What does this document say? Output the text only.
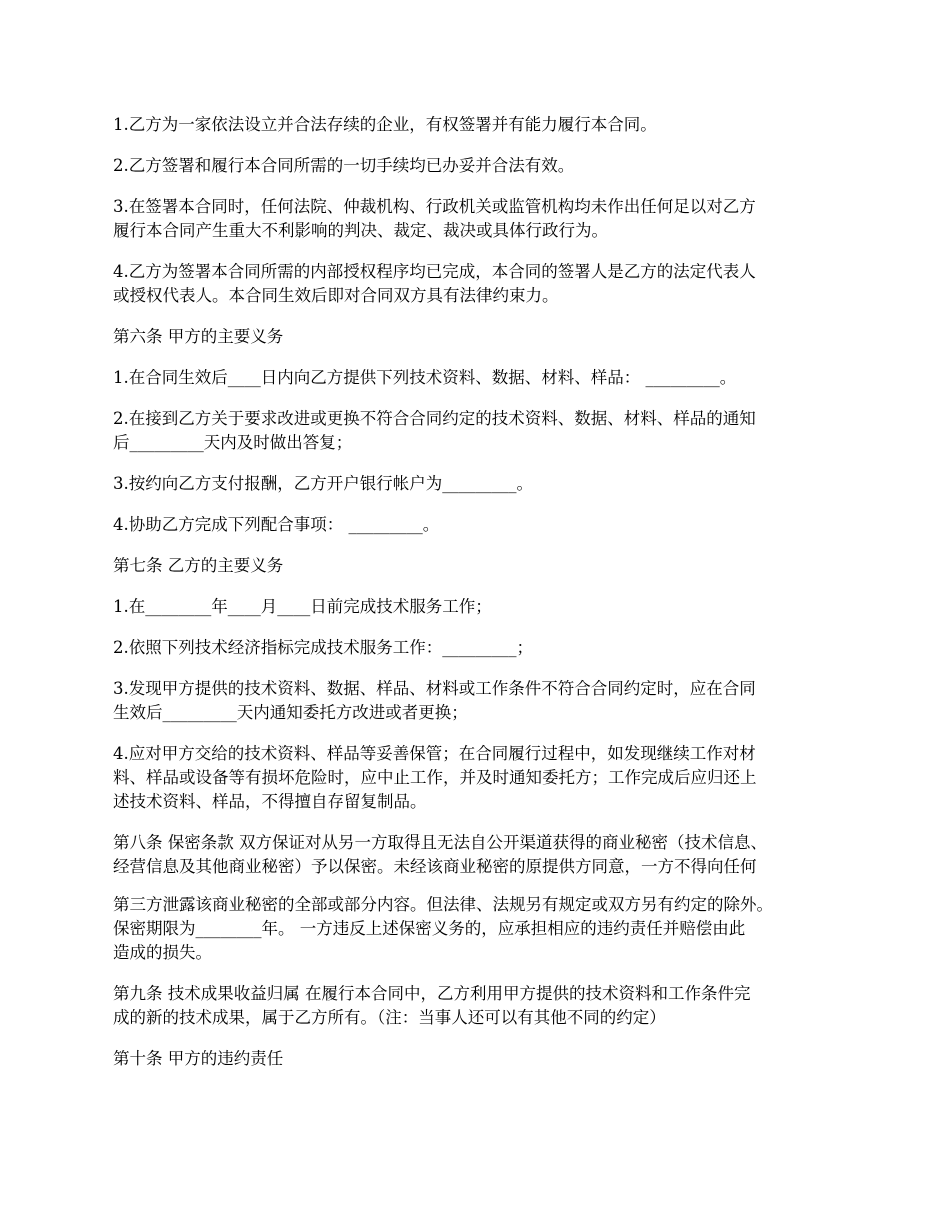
1.乙方为一家依法设立并合法存续的企业，有权签署并有能力履行本合同。

2.乙方签署和履行本合同所需的一切手续均已办妥并合法有效。

3.在签署本合同时，任何法院、仲裁机构、行政机关或监管机构均未作出任何足以对乙方
履行本合同产生重大不利影响的判决、裁定、裁决或具体行政行为。

4.乙方为签署本合同所需的内部授权程序均已完成，本合同的签署人是乙方的法定代表人
或授权代表人。本合同生效后即对合同双方具有法律约束力。

第六条 甲方的主要义务

1.在合同生效后____日内向乙方提供下列技术资料、数据、材料、样品： _________。

2.在接到乙方关于要求改进或更换不符合合同约定的技术资料、数据、材料、样品的通知
后_________天内及时做出答复；

3.按约向乙方支付报酬，乙方开户银行帐户为_________。

4.协助乙方完成下列配合事项： _________。

第七条 乙方的主要义务

1.在________年____月____日前完成技术服务工作；

2.依照下列技术经济指标完成技术服务工作：_________；

3.发现甲方提供的技术资料、数据、样品、材料或工作条件不符合合同约定时，应在合同
生效后_________天内通知委托方改进或者更换；

4.应对甲方交给的技术资料、样品等妥善保管；在合同履行过程中，如发现继续工作对材
料、样品或设备等有损坏危险时，应中止工作，并及时通知委托方；工作完成后应归还上
述技术资料、样品，不得擅自存留复制品。

第八条 保密条款 双方保证对从另一方取得且无法自公开渠道获得的商业秘密（技术信息、
经营信息及其他商业秘密）予以保密。未经该商业秘密的原提供方同意，一方不得向任何

第三方泄露该商业秘密的全部或部分内容。但法律、法规另有规定或双方另有约定的除外。
保密期限为________年。 一方违反上述保密义务的，应承担相应的违约责任并赔偿由此
造成的损失。

第九条 技术成果收益归属 在履行本合同中，乙方利用甲方提供的技术资料和工作条件完
成的新的技术成果，属于乙方所有。（注：当事人还可以有其他不同的约定）

第十条 甲方的违约责任
